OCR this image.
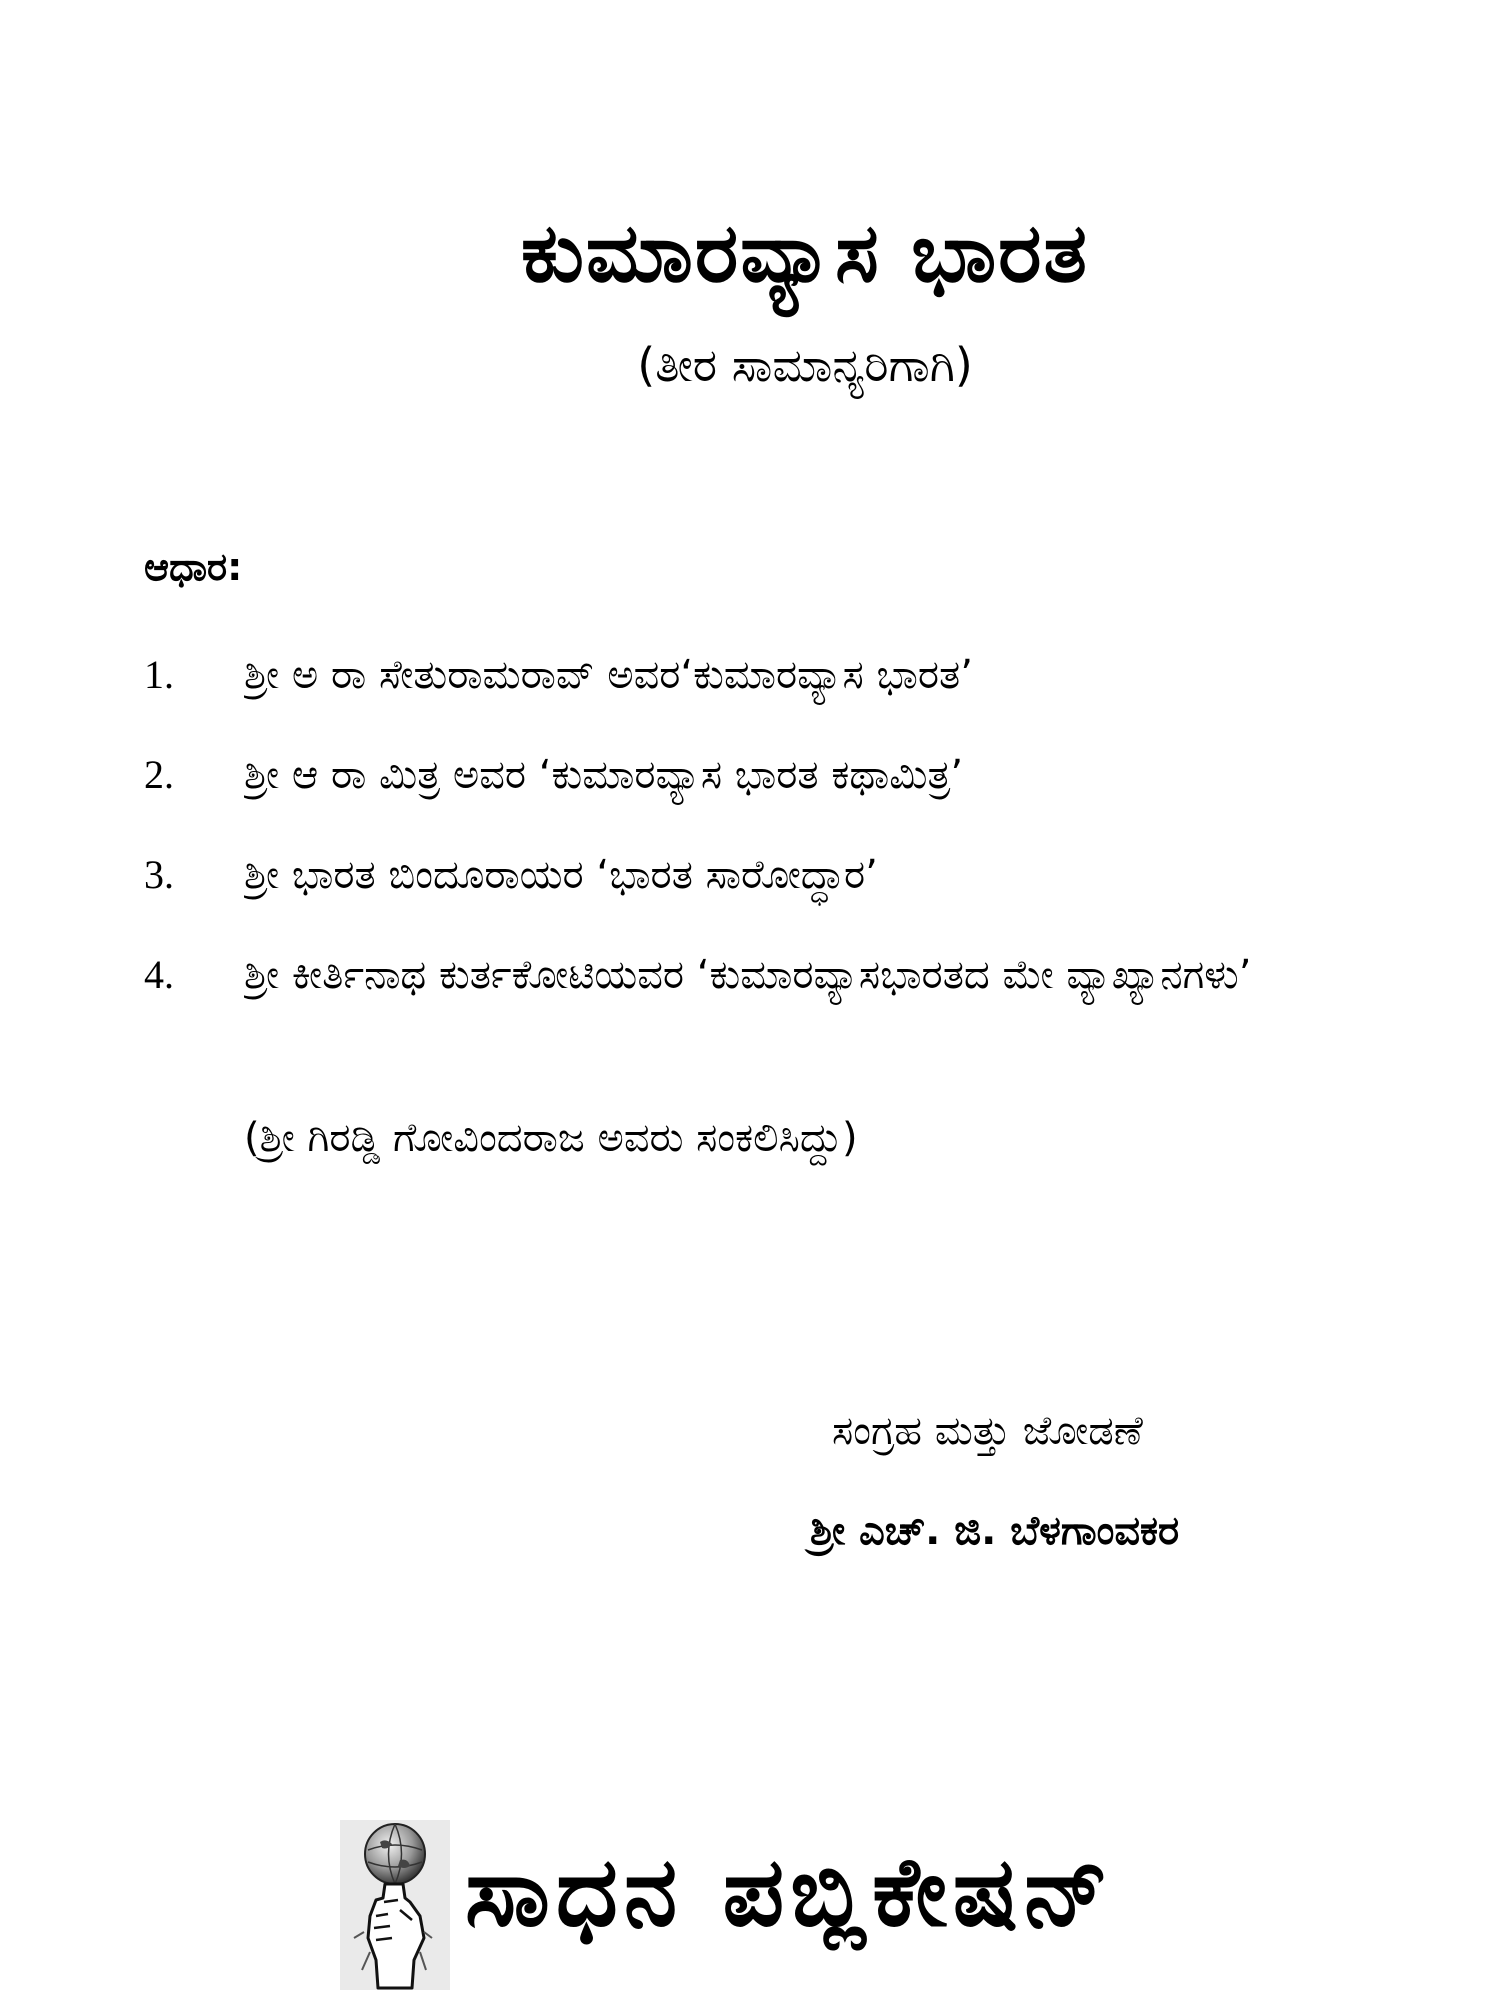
ಕುಮಾರವ್ಯಾಸ ಭಾರತ
(ತೀರ ಸಾಮಾನ್ಯರಿಗಾಗಿ)
ಆಧಾರ:
1.	ಶ್ರೀ ಅ ರಾ ಸೇತುರಾಮರಾವ್ ಅವರ‘ಕುಮಾರವ್ಯಾಸ ಭಾರತ’
2.	ಶ್ರೀ ಆ ರಾ ಮಿತ್ರ ಅವರ ‘ಕುಮಾರವ್ಯಾಸ ಭಾರತ ಕಥಾಮಿತ್ರ’
3.	ಶ್ರೀ ಭಾರತ ಬಿಂದೂರಾಯರ ‘ಭಾರತ ಸಾರೋದ್ಧಾರ’
4.	ಶ್ರೀ ಕೀರ್ತಿನಾಥ ಕುರ್ತಕೋಟಿಯವರ ‘ಕುಮಾರವ್ಯಾಸಭಾರತದ ಮೇ ವ್ಯಾಖ್ಯಾನಗಳು’
(ಶ್ರೀ ಗಿರಡ್ಡಿ ಗೋವಿಂದರಾಜ ಅವರು ಸಂಕಲಿಸಿದ್ದು)
ಸಂಗ್ರಹ ಮತ್ತು ಜೋಡಣೆ
ಶ್ರೀ ಎಚ್. ಜಿ. ಬೆಳಗಾಂವಕರ
ಸಾಧನ ಪಬ್ಲಿಕೇಷನ್
